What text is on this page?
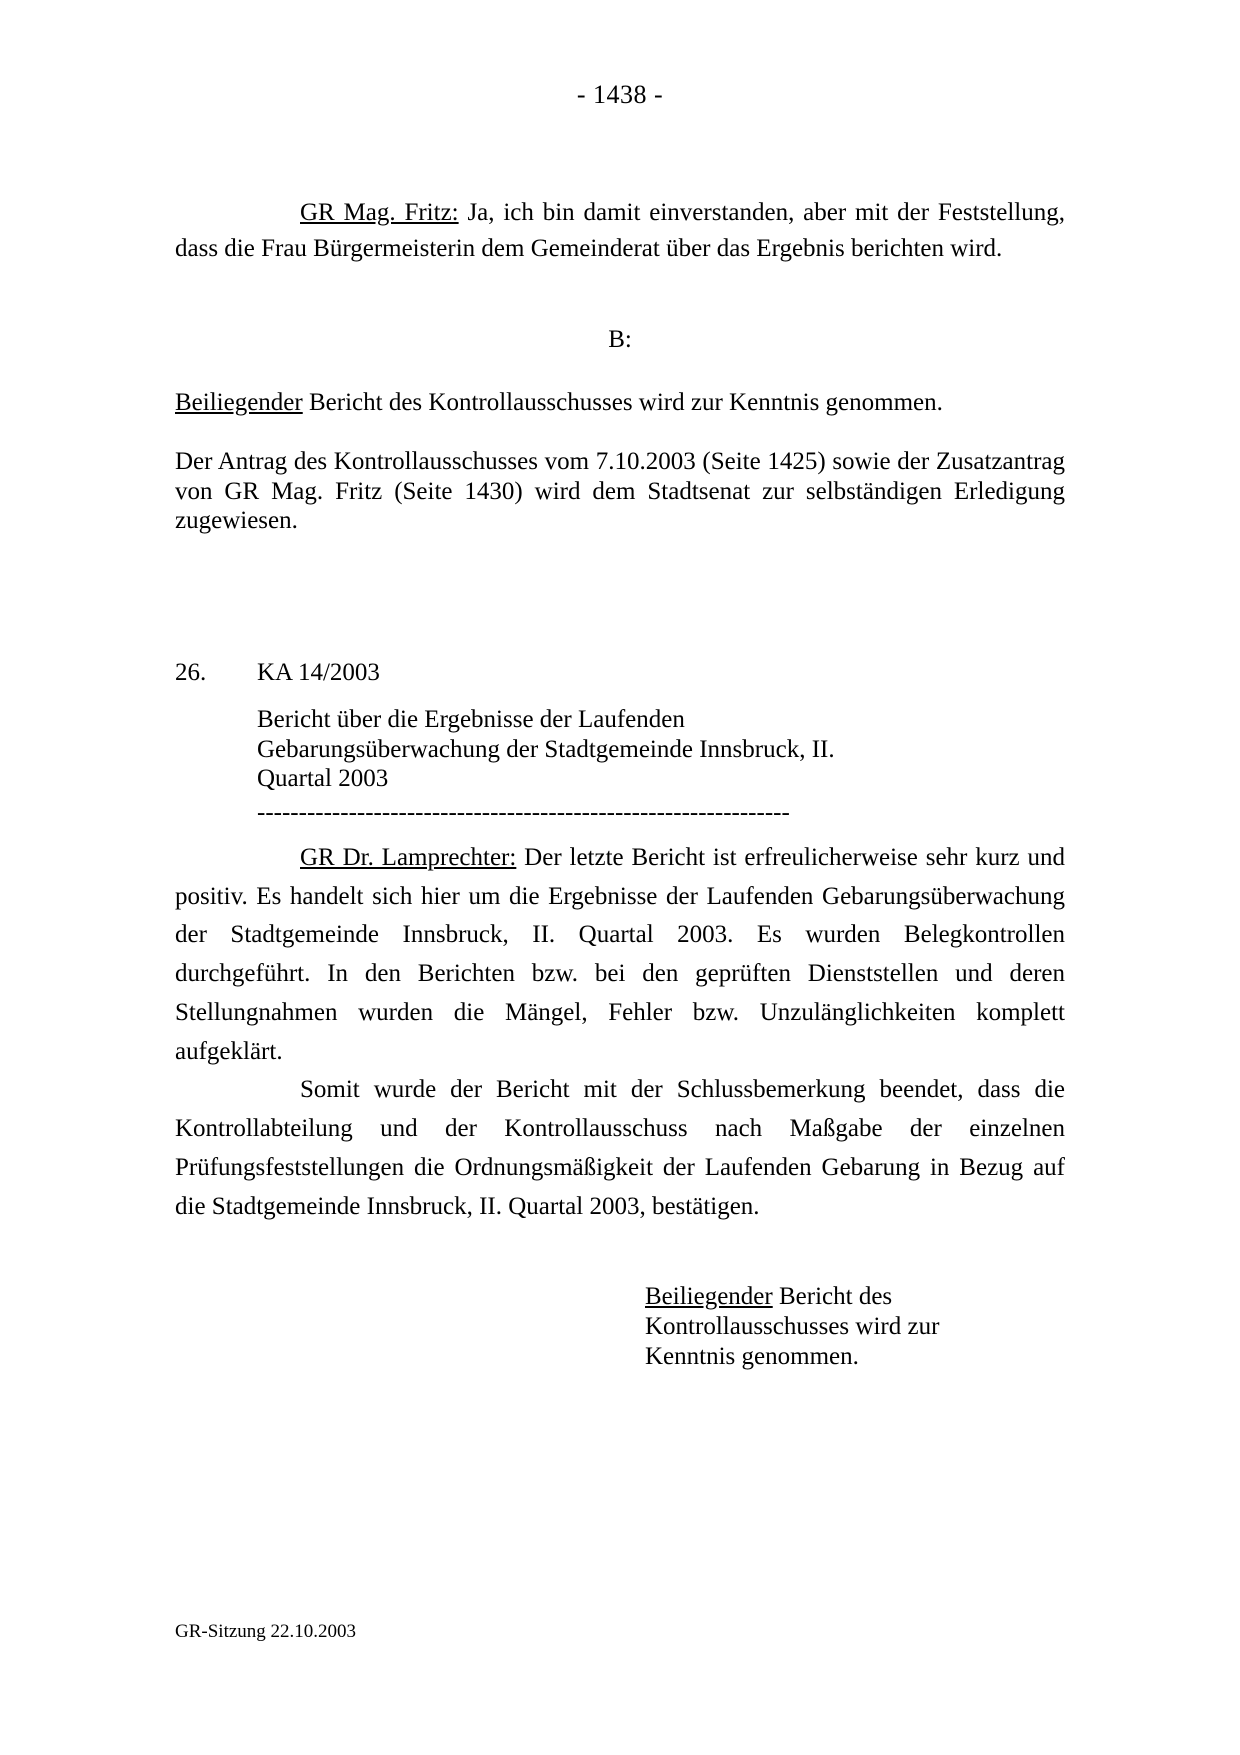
- 1438 -

GR Mag. Fritz: Ja, ich bin damit einverstanden, aber mit der Feststellung, dass die Frau Bürgermeisterin dem Gemeinderat über das Ergebnis berichten wird.

B:

Beiliegender Bericht des Kontrollausschusses wird zur Kenntnis genommen.

Der Antrag des Kontrollausschusses vom 7.10.2003 (Seite 1425) sowie der Zusatzantrag von GR Mag. Fritz (Seite 1430) wird dem Stadtsenat zur selbständigen Erledigung zugewiesen.

26.	KA 14/2003
Bericht über die Ergebnisse der Laufenden Gebarungsüberwachung der Stadtgemeinde Innsbruck, II. Quartal 2003
----------------------------------------------------------------

GR Dr. Lamprechter: Der letzte Bericht ist erfreulicherweise sehr kurz und positiv. Es handelt sich hier um die Ergebnisse der Laufenden Gebarungsüberwachung der Stadtgemeinde Innsbruck, II. Quartal 2003. Es wurden Belegkontrollen durchgeführt. In den Berichten bzw. bei den geprüften Dienststellen und deren Stellungnahmen wurden die Mängel, Fehler bzw. Unzulänglichkeiten komplett aufgeklärt.

Somit wurde der Bericht mit der Schlussbemerkung beendet, dass die Kontrollabteilung und der Kontrollausschuss nach Maßgabe der einzelnen Prüfungsfeststellungen die Ordnungsmäßigkeit der Laufenden Gebarung in Bezug auf die Stadtgemeinde Innsbruck, II. Quartal 2003, bestätigen.

Beiliegender Bericht des Kontrollausschusses wird zur Kenntnis genommen.
GR-Sitzung 22.10.2003
